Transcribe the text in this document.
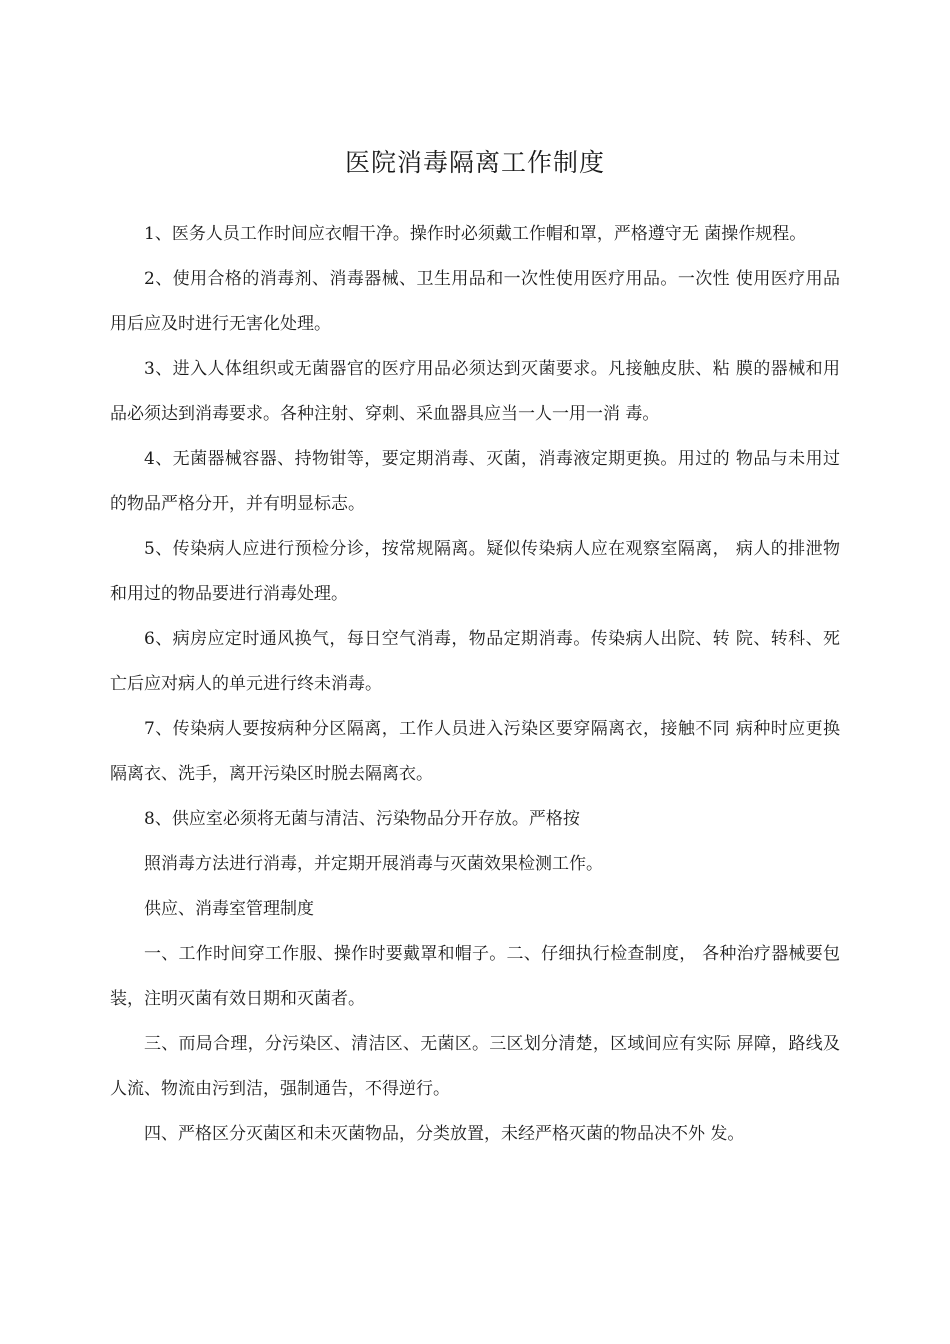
医院消毒隔离工作制度

1、医务人员工作时间应衣帽干净。操作时必须戴工作帽和罩，严格遵守无 菌操作规程。

2、使用合格的消毒剂、消毒器械、卫生用品和一次性使用医疗用品。一次性 使用医疗用品用后应及时进行无害化处理。

3、进入人体组织或无菌器官的医疗用品必须达到灭菌要求。凡接触皮肤、粘 膜的器械和用品必须达到消毒要求。各种注射、穿刺、采血器具应当一人一用一消 毒。

4、无菌器械容器、持物钳等，要定期消毒、灭菌，消毒液定期更换。用过的 物品与未用过的物品严格分开，并有明显标志。

5、传染病人应进行预检分诊，按常规隔离。疑似传染病人应在观察室隔离， 病人的排泄物和用过的物品要进行消毒处理。

6、病房应定时通风换气，每日空气消毒，物品定期消毒。传染病人出院、转 院、转科、死亡后应对病人的单元进行终未消毒。

7、传染病人要按病种分区隔离，工作人员进入污染区要穿隔离衣，接触不同 病种时应更换隔离衣、洗手，离开污染区时脱去隔离衣。

8、供应室必须将无菌与清洁、污染物品分开存放。严格按

照消毒方法进行消毒，并定期开展消毒与灭菌效果检测工作。

供应、消毒室管理制度

一、工作时间穿工作服、操作时要戴罩和帽子。二、仔细执行检查制度， 各种治疗器械要包装，注明灭菌有效日期和灭菌者。

三、而局合理，分污染区、清洁区、无菌区。三区划分清楚，区域间应有实际 屏障，路线及人流、物流由污到洁，强制通告，不得逆行。

四、严格区分灭菌区和未灭菌物品，分类放置，未经严格灭菌的物品决不外 发。
